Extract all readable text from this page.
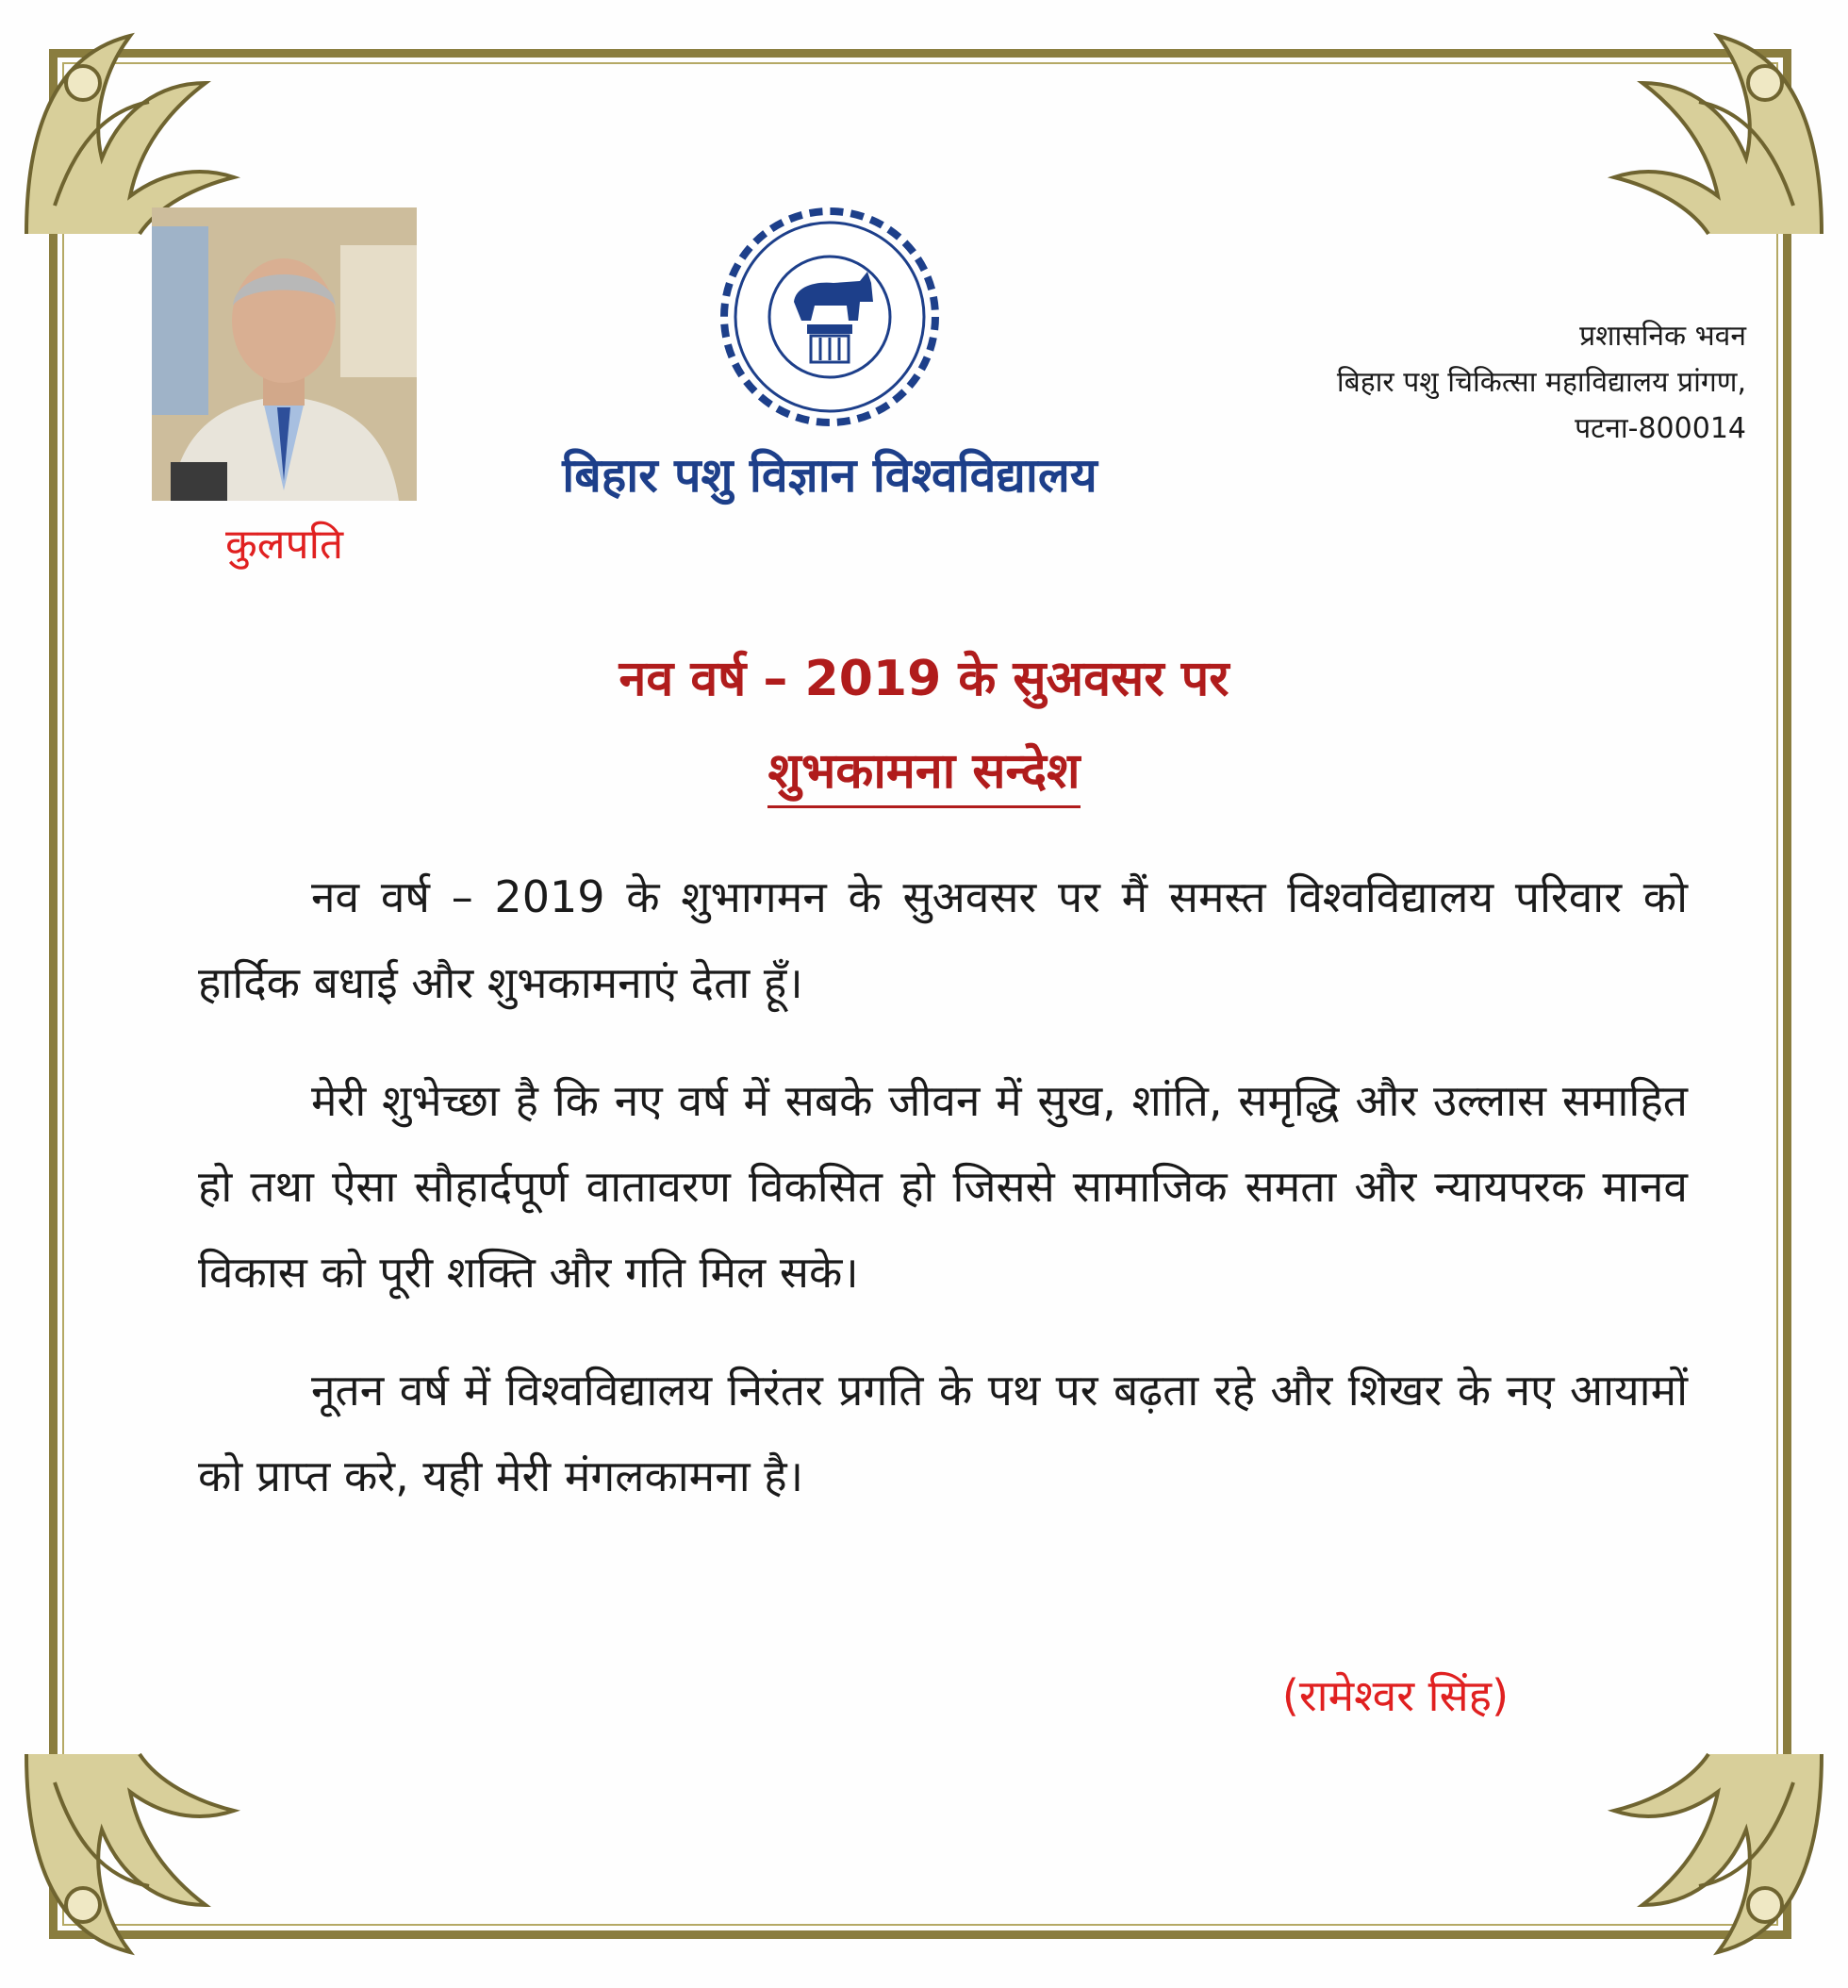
कुलपति
बिहार पशु विज्ञान विश्वविद्यालय
प्रशासनिक भवन
बिहार पशु चिकित्सा महाविद्यालय प्रांगण,
पटना-800014
नव वर्ष – 2019 के सुअवसर पर
शुभकामना सन्देश

नव वर्ष – 2019 के शुभागमन के सुअवसर पर मैं समस्त विश्वविद्यालय परिवार को हार्दिक बधाई और शुभकामनाएं देता हूँ।

मेरी शुभेच्छा है कि नए वर्ष में सबके जीवन में सुख, शांति, समृद्धि और उल्लास समाहित हो तथा ऐसा सौहार्दपूर्ण वातावरण विकसित हो जिससे सामाजिक समता और न्यायपरक मानव विकास को पूरी शक्ति और गति मिल सके।

नूतन वर्ष में विश्वविद्यालय निरंतर प्रगति के पथ पर बढ़ता रहे और शिखर के नए आयामों को प्राप्त करे, यही मेरी मंगलकामना है।

(रामेश्वर सिंह)
